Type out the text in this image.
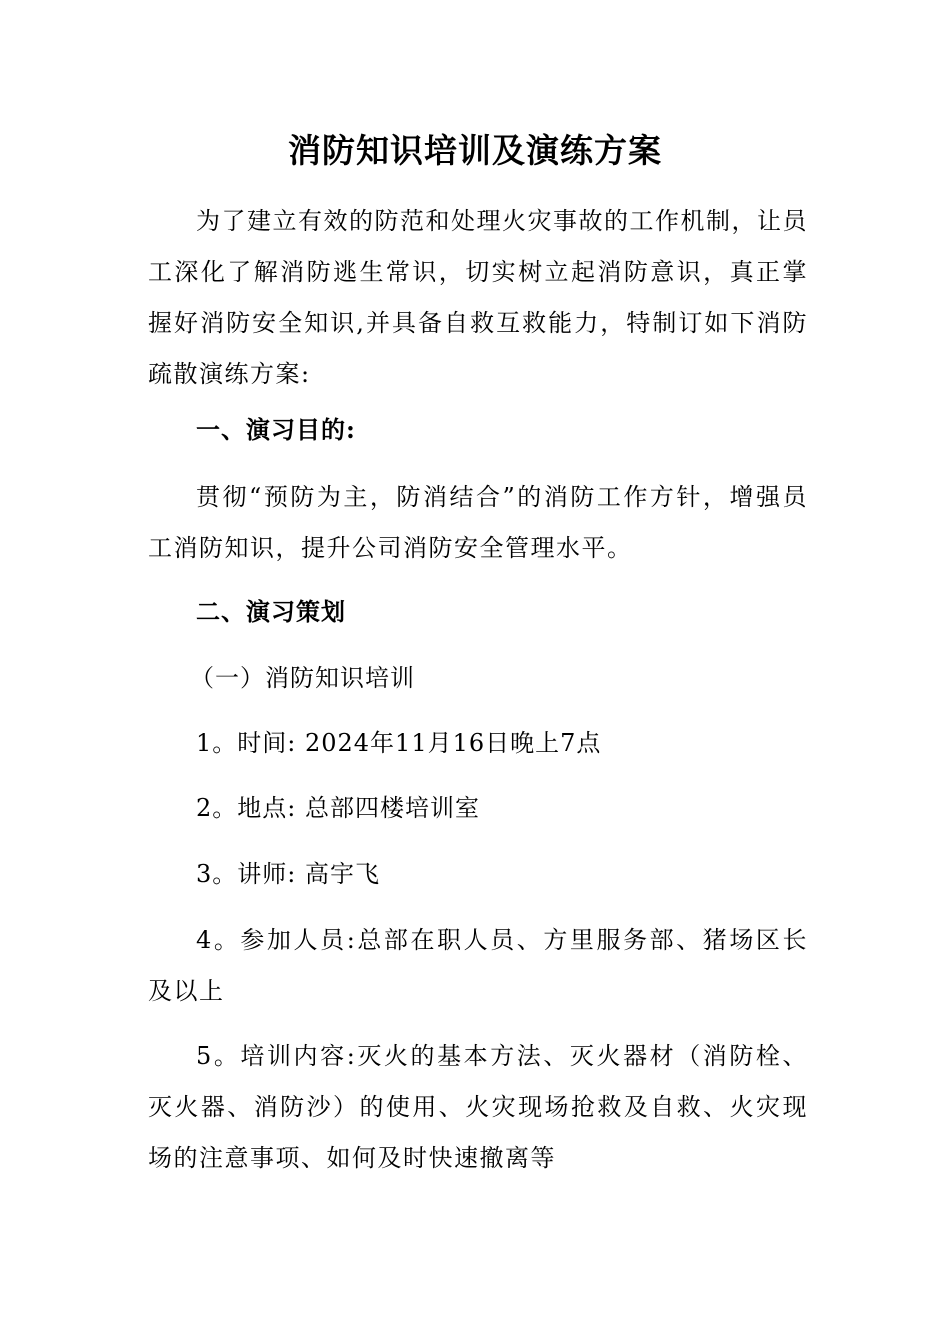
消防知识培训及演练方案
为了建立有效的防范和处理火灾事故的工作机制，让员工深化了解消防逃生常识，切实树立起消防意识，真正掌握好消防安全知识,并具备自救互救能力，特制订如下消防疏散演练方案:
一、演习目的:
贯彻“预防为主，防消结合”的消防工作方针，增强员工消防知识，提升公司消防安全管理水平。
二、演习策划
（一）消防知识培训
1。时间: 2024年11月16日晚上7点
2。地点: 总部四楼培训室
3。讲师: 高宇飞
4。参加人员:总部在职人员、方里服务部、猪场区长及以上
5。培训内容:灭火的基本方法、灭火器材（消防栓、灭火器、消防沙）的使用、火灾现场抢救及自救、火灾现场的注意事项、如何及时快速撤离等
